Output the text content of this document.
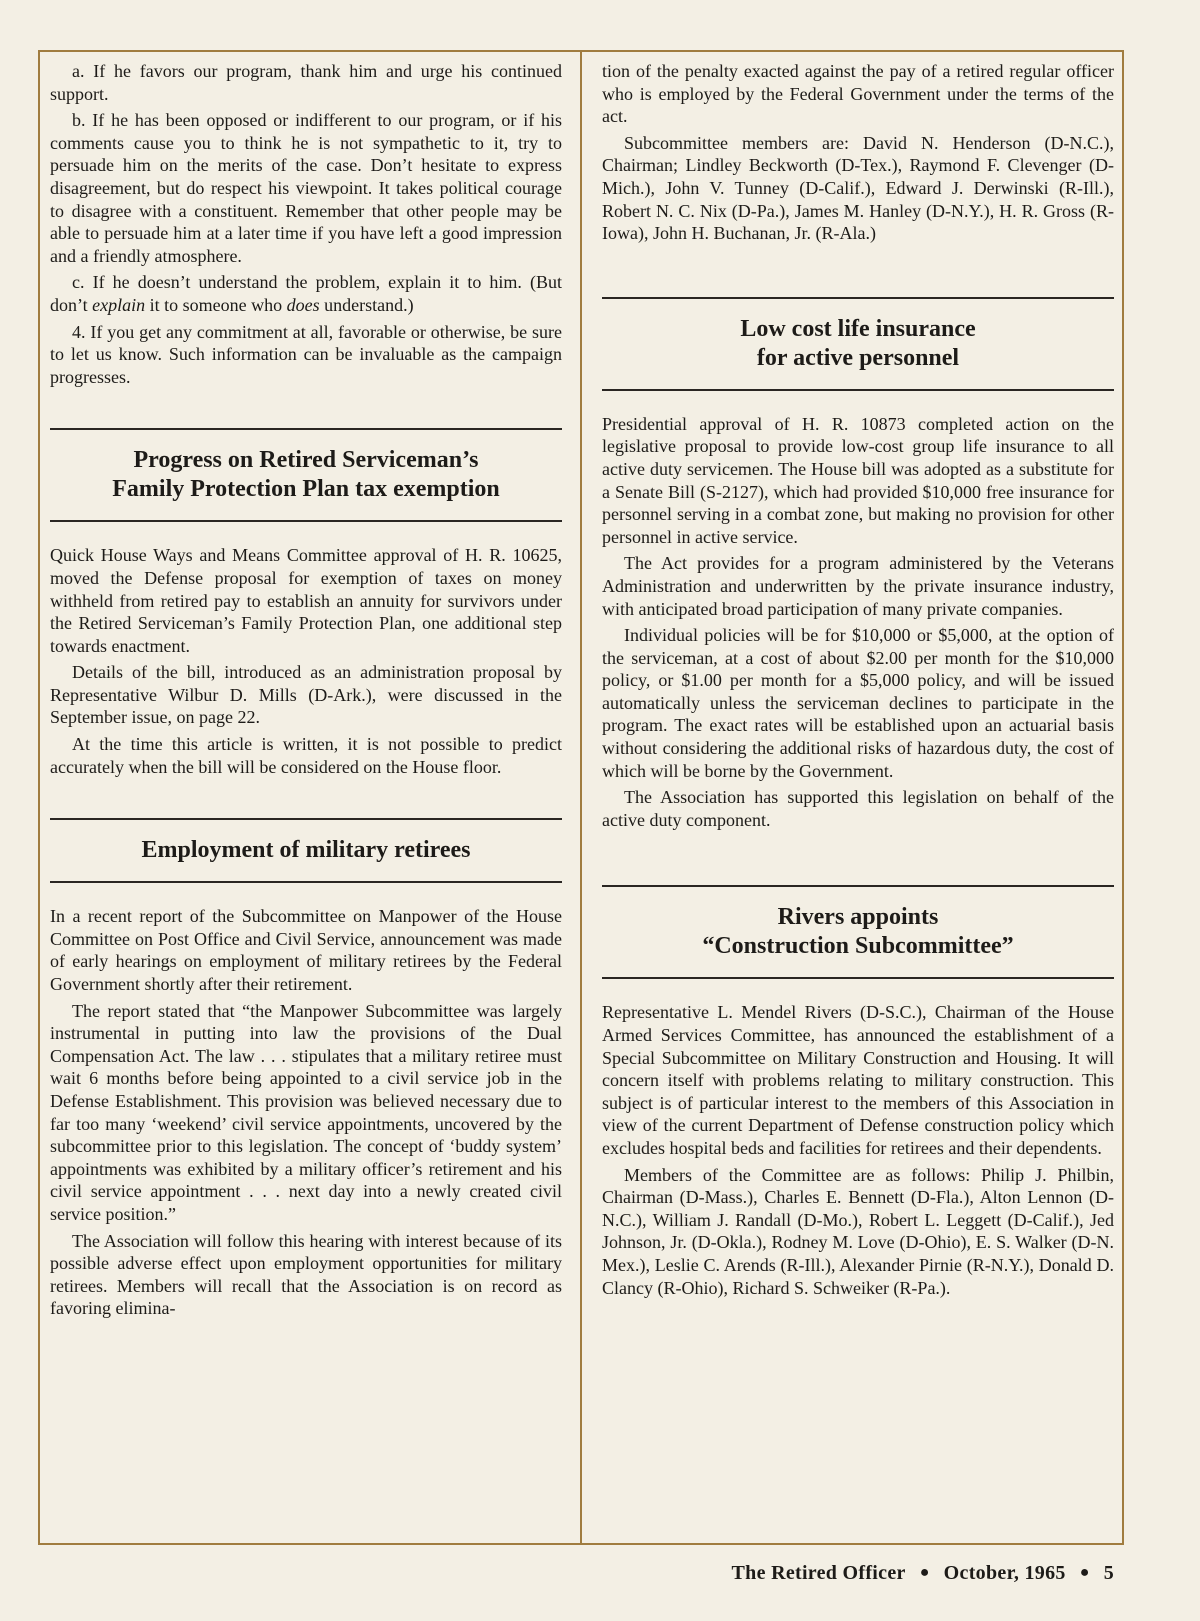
a. If he favors our program, thank him and urge his continued support.

b. If he has been opposed or indifferent to our program, or if his comments cause you to think he is not sympathetic to it, try to persuade him on the merits of the case. Don’t hesitate to express disagreement, but do respect his viewpoint. It takes political courage to disagree with a constituent. Remember that other people may be able to persuade him at a later time if you have left a good impression and a friendly atmosphere.

c. If he doesn’t understand the problem, explain it to him. (But don’t explain it to someone who does understand.)

4. If you get any commitment at all, favorable or otherwise, be sure to let us know. Such information can be invaluable as the campaign progresses.

Progress on Retired Serviceman’s
Family Protection Plan tax exemption

Quick House Ways and Means Committee approval of H. R. 10625, moved the Defense proposal for exemption of taxes on money withheld from retired pay to establish an annuity for survivors under the Retired Serviceman’s Family Protection Plan, one additional step towards enactment.

Details of the bill, introduced as an administration proposal by Representative Wilbur D. Mills (D-Ark.), were discussed in the September issue, on page 22.

At the time this article is written, it is not possible to predict accurately when the bill will be considered on the House floor.

Employment of military retirees

In a recent report of the Subcommittee on Manpower of the House Committee on Post Office and Civil Service, announcement was made of early hearings on employment of military retirees by the Federal Government shortly after their retirement.

The report stated that “the Manpower Subcommittee was largely instrumental in putting into law the provisions of the Dual Compensation Act. The law . . . stipulates that a military retiree must wait 6 months before being appointed to a civil service job in the Defense Establishment. This provision was believed necessary due to far too many ‘weekend’ civil service appointments, uncovered by the subcommittee prior to this legislation. The concept of ‘buddy system’ appointments was exhibited by a military officer’s retirement and his civil service appointment . . . next day into a newly created civil service position.”

The Association will follow this hearing with interest because of its possible adverse effect upon employment opportunities for military retirees. Members will recall that the Association is on record as favoring elimina-

tion of the penalty exacted against the pay of a retired regular officer who is employed by the Federal Government under the terms of the act.

Subcommittee members are: David N. Henderson (D-N.C.), Chairman; Lindley Beckworth (D-Tex.), Raymond F. Clevenger (D-Mich.), John V. Tunney (D-Calif.), Edward J. Derwinski (R-Ill.), Robert N. C. Nix (D-Pa.), James M. Hanley (D-N.Y.), H. R. Gross (R-Iowa), John H. Buchanan, Jr. (R-Ala.)

Low cost life insurance
for active personnel

Presidential approval of H. R. 10873 completed action on the legislative proposal to provide low-cost group life insurance to all active duty servicemen. The House bill was adopted as a substitute for a Senate Bill (S-2127), which had provided $10,000 free insurance for personnel serving in a combat zone, but making no provision for other personnel in active service.

The Act provides for a program administered by the Veterans Administration and underwritten by the private insurance industry, with anticipated broad participation of many private companies.

Individual policies will be for $10,000 or $5,000, at the option of the serviceman, at a cost of about $2.00 per month for the $10,000 policy, or $1.00 per month for a $5,000 policy, and will be issued automatically unless the serviceman declines to participate in the program. The exact rates will be established upon an actuarial basis without considering the additional risks of hazardous duty, the cost of which will be borne by the Government.

The Association has supported this legislation on behalf of the active duty component.

Rivers appoints
“Construction Subcommittee”

Representative L. Mendel Rivers (D-S.C.), Chairman of the House Armed Services Committee, has announced the establishment of a Special Subcommittee on Military Construction and Housing. It will concern itself with problems relating to military construction. This subject is of particular interest to the members of this Association in view of the current Department of Defense construction policy which excludes hospital beds and facilities for retirees and their dependents.

Members of the Committee are as follows: Philip J. Philbin, Chairman (D-Mass.), Charles E. Bennett (D-Fla.), Alton Lennon (D-N.C.), William J. Randall (D-Mo.), Robert L. Leggett (D-Calif.), Jed Johnson, Jr. (D-Okla.), Rodney M. Love (D-Ohio), E. S. Walker (D-N. Mex.), Leslie C. Arends (R-Ill.), Alexander Pirnie (R-N.Y.), Donald D. Clancy (R-Ohio), Richard S. Schweiker (R-Pa.).

The Retired Officer ● October, 1965 ● 5
